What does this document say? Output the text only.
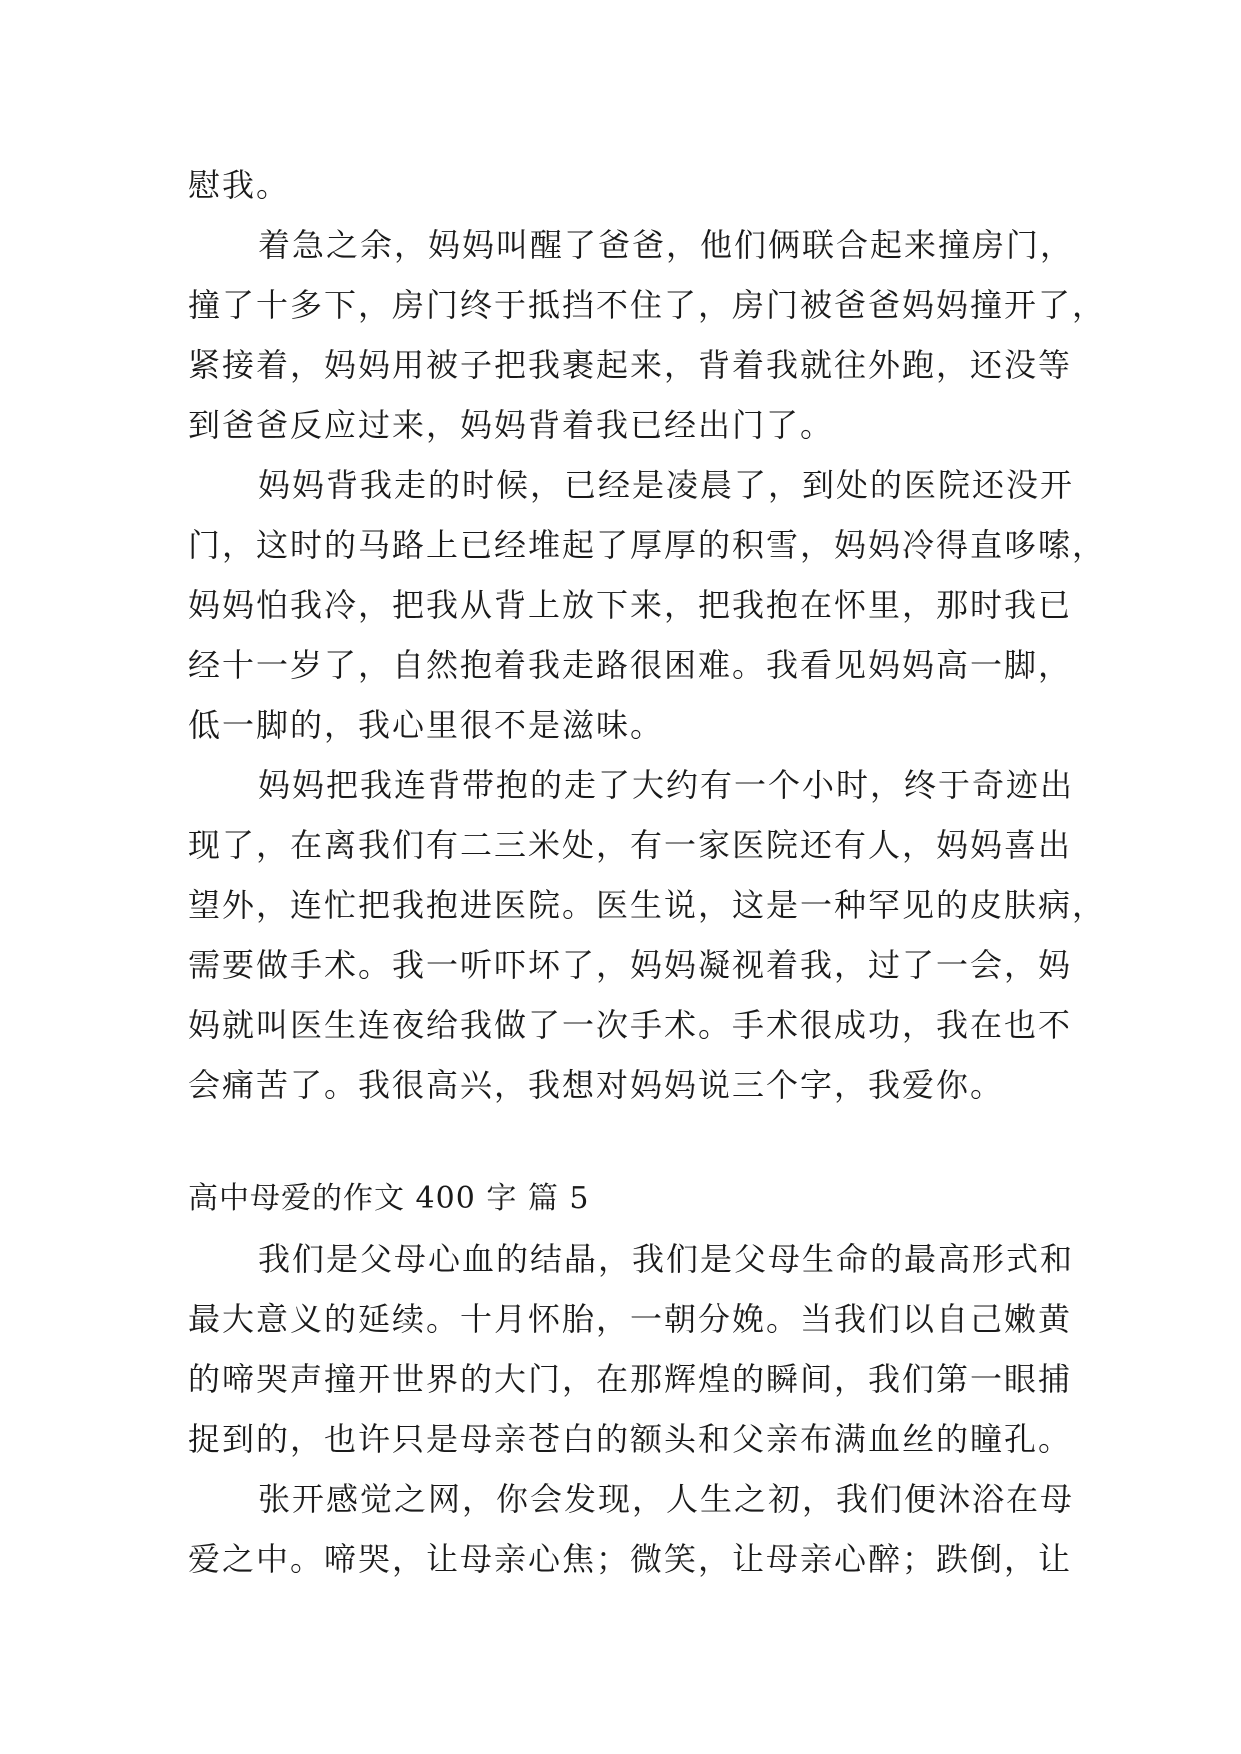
慰我。
着急之余，妈妈叫醒了爸爸，他们俩联合起来撞房门，
撞了十多下，房门终于抵挡不住了，房门被爸爸妈妈撞开了，
紧接着，妈妈用被子把我裹起来，背着我就往外跑，还没等
到爸爸反应过来，妈妈背着我已经出门了。
妈妈背我走的时候，已经是凌晨了，到处的医院还没开
门，这时的马路上已经堆起了厚厚的积雪，妈妈冷得直哆嗦，
妈妈怕我冷，把我从背上放下来，把我抱在怀里，那时我已
经十一岁了，自然抱着我走路很困难。我看见妈妈高一脚，
低一脚的，我心里很不是滋味。
妈妈把我连背带抱的走了大约有一个小时，终于奇迹出
现了，在离我们有二三米处，有一家医院还有人，妈妈喜出
望外，连忙把我抱进医院。医生说，这是一种罕见的皮肤病，
需要做手术。我一听吓坏了，妈妈凝视着我，过了一会，妈
妈就叫医生连夜给我做了一次手术。手术很成功，我在也不
会痛苦了。我很高兴，我想对妈妈说三个字，我爱你。
高中母爱的作文 400 字 篇 5
我们是父母心血的结晶，我们是父母生命的最高形式和
最大意义的延续。十月怀胎，一朝分娩。当我们以自己嫩黄
的啼哭声撞开世界的大门，在那辉煌的瞬间，我们第一眼捕
捉到的，也许只是母亲苍白的额头和父亲布满血丝的瞳孔。
张开感觉之网，你会发现，人生之初，我们便沐浴在母
爱之中。啼哭，让母亲心焦；微笑，让母亲心醉；跌倒，让
